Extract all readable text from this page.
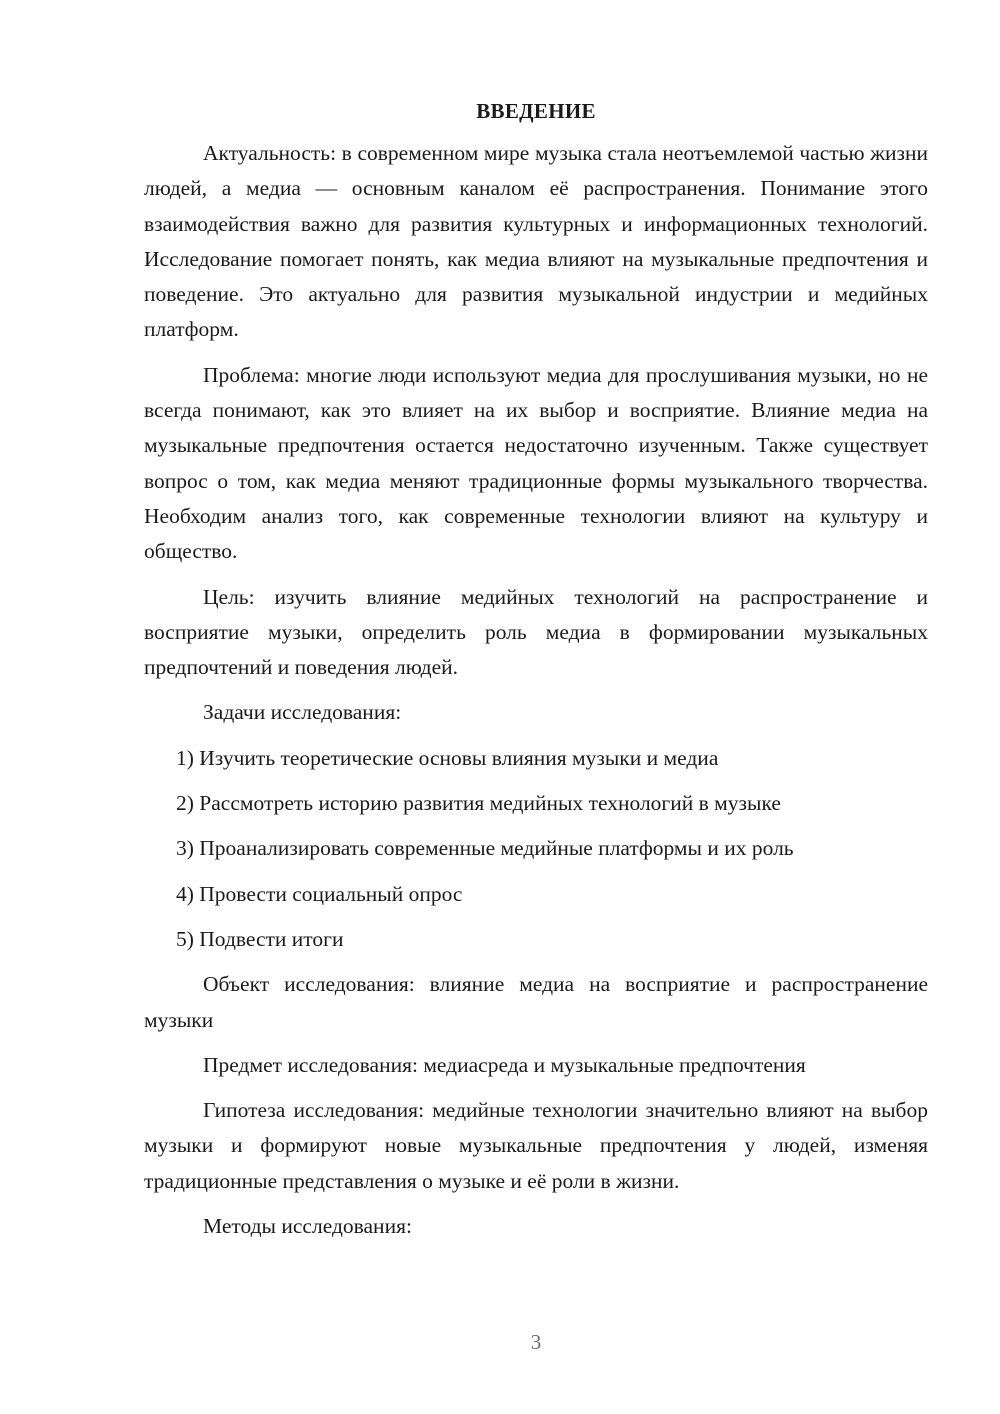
ВВЕДЕНИЕ

Актуальность: в современном мире музыка стала неотъемлемой частью жизни людей, а медиа — основным каналом её распространения. Понимание этого взаимодействия важно для развития культурных и информационных технологий. Исследование помогает понять, как медиа влияют на музыкальные предпочтения и поведение. Это актуально для развития музыкальной индустрии и медийных платформ.

Проблема: многие люди используют медиа для прослушивания музыки, но не всегда понимают, как это влияет на их выбор и восприятие. Влияние медиа на музыкальные предпочтения остается недостаточно изученным. Также существует вопрос о том, как медиа меняют традиционные формы музыкального творчества. Необходим анализ того, как современные технологии влияют на культуру и общество.

Цель: изучить влияние медийных технологий на распространение и восприятие музыки, определить роль медиа в формировании музыкальных предпочтений и поведения людей.

Задачи исследования:

1) Изучить теоретические основы влияния музыки и медиа
2) Рассмотреть историю развития медийных технологий в музыке
3) Проанализировать современные медийные платформы и их роль
4) Провести социальный опрос
5) Подвести итоги

Объект исследования: влияние медиа на восприятие и распространение музыки

Предмет исследования: медиасреда и музыкальные предпочтения

Гипотеза исследования: медийные технологии значительно влияют на выбор музыки и формируют новые музыкальные предпочтения у людей, изменяя традиционные представления о музыке и её роли в жизни.

Методы исследования:

3
